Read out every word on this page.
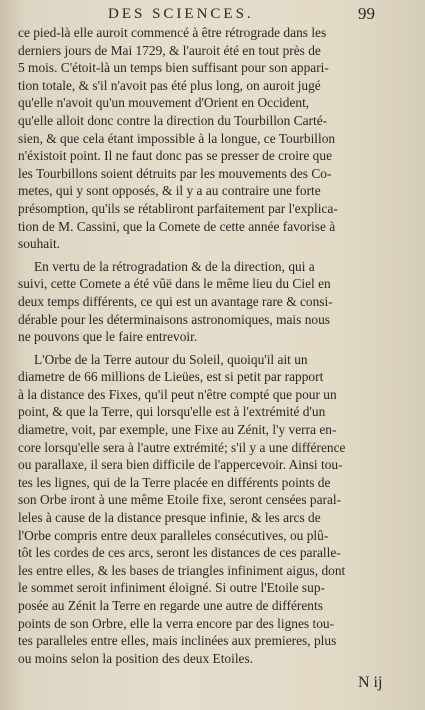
DES SCIENCES.	99
ce pied-là elle auroit commencé à être rétrograde dans les
derniers jours de Mai 1729, & l'auroit été en tout près de
5 mois. C'étoit-là un temps bien suffisant pour son appari-
tion totale, & s'il n'avoit pas été plus long, on auroit jugé
qu'elle n'avoit qu'un mouvement d'Orient en Occident,
qu'elle alloit donc contre la direction du Tourbillon Carté-
sien, & que cela étant impossible à la longue, ce Tourbillon
n'éxistoit point. Il ne faut donc pas se presser de croire que
les Tourbillons soient détruits par les mouvements des Co-
metes, qui y sont opposés, & il y a au contraire une forte
présomption, qu'ils se rétabliront parfaitement par l'explica-
tion de M. Cassini, que la Comete de cette année favorise à
souhait.
En vertu de la rétrogradation & de la direction, qui a
suivi, cette Comete a été vûë dans le même lieu du Ciel en
deux temps différents, ce qui est un avantage rare & consi-
dérable pour les déterminaisons astronomiques, mais nous
ne pouvons que le faire entrevoir.
L'Orbe de la Terre autour du Soleil, quoiqu'il ait un
diametre de 66 millions de Lieües, est si petit par rapport
à la distance des Fixes, qu'il peut n'être compté que pour un
point, & que la Terre, qui lorsqu'elle est à l'extrémité d'un
diametre, voit, par exemple, une Fixe au Zénit, l'y verra en-
core lorsqu'elle sera à l'autre extrémité; s'il y a une différence
ou parallaxe, il sera bien difficile de l'appercevoir. Ainsi tou-
tes les lignes, qui de la Terre placée en différents points de
son Orbe iront à une même Etoile fixe, seront censées paral-
leles à cause de la distance presque infinie, & les arcs de
l'Orbe compris entre deux paralleles consécutives, ou plû-
tôt les cordes de ces arcs, seront les distances de ces paralle-
les entre elles, & les bases de triangles infiniment aigus, dont
le sommet seroit infiniment éloigné. Si outre l'Etoile sup-
posée au Zénit la Terre en regarde une autre de différents
points de son Orbre, elle la verra encore par des lignes tou-
tes paralleles entre elles, mais inclinées aux premieres, plus
ou moins selon la position des deux Etoiles.
N ij
